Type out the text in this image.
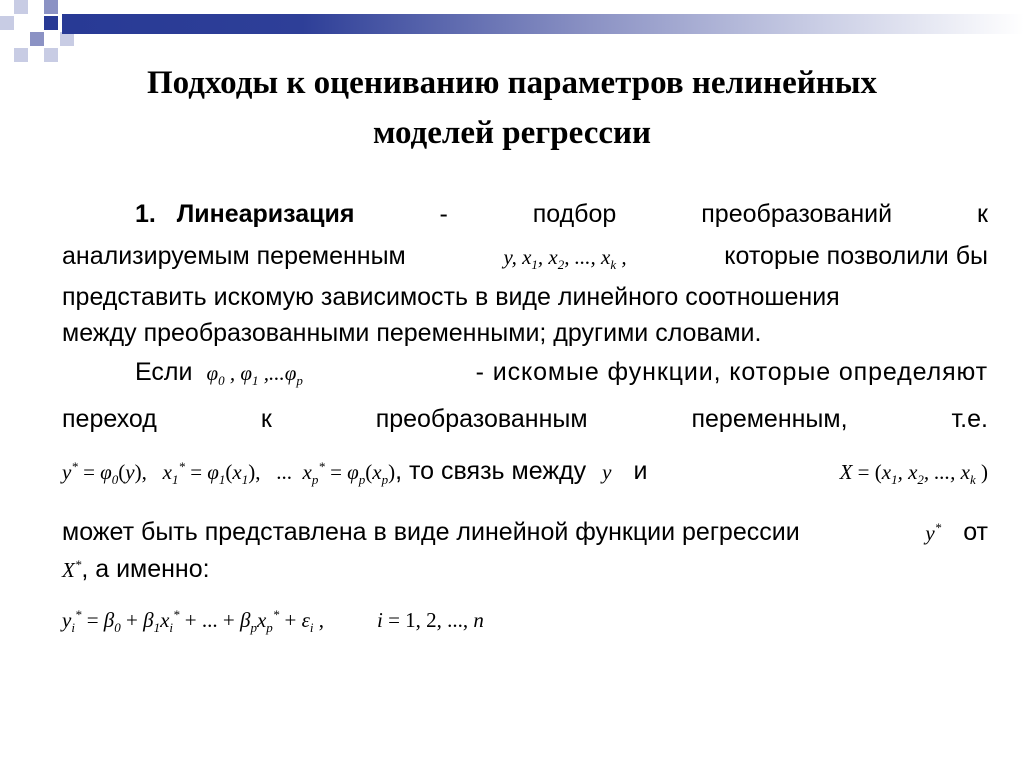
Подходы к оцениванию параметров нелинейных
моделей регрессии
1. Линеаризация	-	подбор	преобразований	к
анализируемым переменным	y, $x_1$, $x_2$, ..., $x_k$ ,	которые позволили бы
представить искомую зависимость в виде линейного соотношения
между преобразованными переменными; другими словами.
Если $\varphi_0$ , $\varphi_1$ $,...\varphi_p$	- искомые функции, которые определяют
переход	к	преобразованным	переменным,	т.е.
$y^* = \varphi_0(y)$,   $x_1^* = \varphi_1(x_1)$, ...  $x_p^* = \varphi_p(x_p)$ , то связь между y и	$X = (x_1$, $x_2$, ..., $x_k$ )
может быть представлена в виде линейной функции регрессии	y* от
X*, а именно:
$y_i^* = \beta_0 + \beta_1x_i^*$ + ... + $\beta_px_p^* + \varepsilon_i$ ,	i = 1, 2, ..., n
